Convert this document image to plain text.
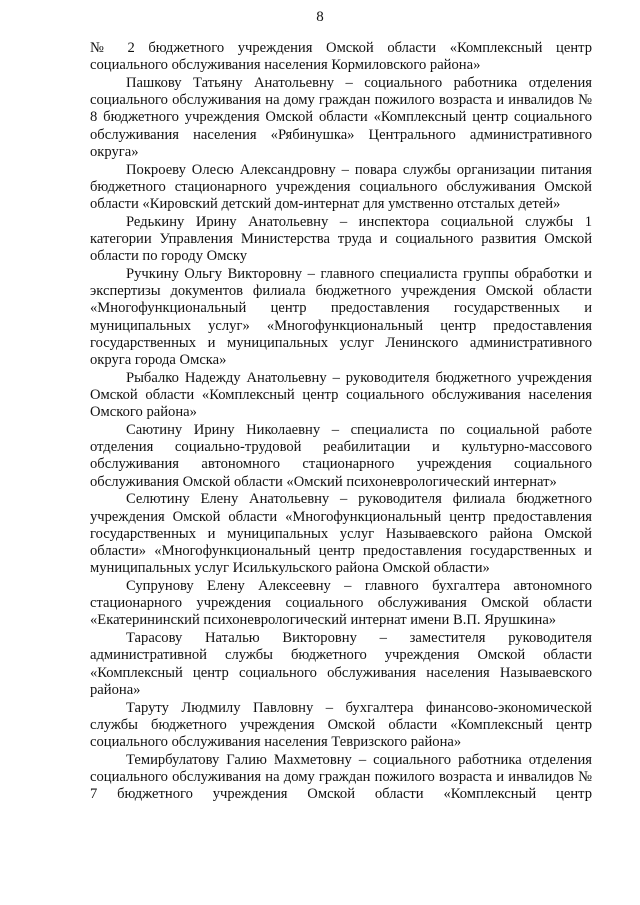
8

№ 2 бюджетного учреждения Омской области «Комплексный центр социального обслуживания населения Кормиловского района»

Пашкову Татьяну Анатольевну – социального работника отделения социального обслуживания на дому граждан пожилого возраста и инвалидов № 8 бюджетного учреждения Омской области «Комплексный центр социального обслуживания населения «Рябинушка» Центрального административного округа»

Покроеву Олесю Александровну – повара службы организации питания бюджетного стационарного учреждения социального обслуживания Омской области «Кировский детский дом-интернат для умственно отсталых детей»

Редькину Ирину Анатольевну – инспектора социальной службы 1 категории Управления Министерства труда и социального развития Омской области по городу Омску

Ручкину Ольгу Викторовну – главного специалиста группы обработки и экспертизы документов филиала бюджетного учреждения Омской области «Многофункциональный центр предоставления государственных и муниципальных услуг» «Многофункциональный центр предоставления государственных и муниципальных услуг Ленинского административного округа города Омска»

Рыбалко Надежду Анатольевну – руководителя бюджетного учреждения Омской области «Комплексный центр социального обслуживания населения Омского района»

Саютину Ирину Николаевну – специалиста по социальной работе отделения социально-трудовой реабилитации и культурно-массового обслуживания автономного стационарного учреждения социального обслуживания Омской области «Омский психоневрологический интернат»

Селютину Елену Анатольевну – руководителя филиала бюджетного учреждения Омской области «Многофункциональный центр предоставления государственных и муниципальных услуг Называевского района Омской области» «Многофункциональный центр предоставления государственных и муниципальных услуг Исилькульского района Омской области»

Супрунову Елену Алексеевну – главного бухгалтера автономного стационарного учреждения социального обслуживания Омской области «Екатерининский психоневрологический интернат имени В.П. Ярушкина»

Тарасову Наталью Викторовну – заместителя руководителя административной службы бюджетного учреждения Омской области «Комплексный центр социального обслуживания населения Называевского района»

Таруту Людмилу Павловну – бухгалтера финансово-экономической службы бюджетного учреждения Омской области «Комплексный центр социального обслуживания населения Тевризского района»

Темирбулатову Галию Махметовну – социального работника отделения социального обслуживания на дому граждан пожилого возраста и инвалидов № 7 бюджетного учреждения Омской области «Комплексный центр
